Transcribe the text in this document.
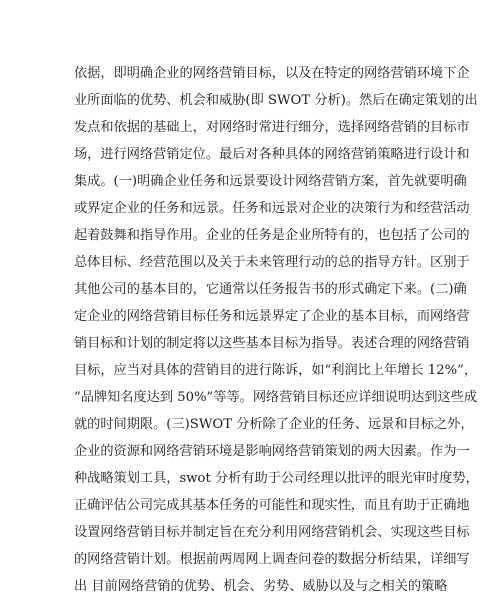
依据，即明确企业的网络营销目标，以及在特定的网络营销环境下企
业所面临的优势、机会和威胁(即 SWOT 分析)。然后在确定策划的出
发点和依据的基础上，对网络时常进行细分，选择网络营销的目标市
场，进行网络营销定位。最后对各种具体的网络营销策略进行设计和
集成。(一)明确企业任务和远景要设计网络营销方案，首先就要明确
或界定企业的任务和远景。任务和远景对企业的决策行为和经营活动
起着鼓舞和指导作用。企业的任务是企业所特有的，也包括了公司的
总体目标、经营范围以及关于未来管理行动的总的指导方针。区别于
其他公司的基本目的，它通常以任务报告书的形式确定下来。(二)确
定企业的网络营销目标任务和远景界定了企业的基本目标，而网络营
销目标和计划的制定将以这些基本目标为指导。表述合理的网络营销
目标，应当对具体的营销目的进行陈诉，如“利润比上年增长 12%”，
“品牌知名度达到 50%”等等。网络营销目标还应详细说明达到这些成
就的时间期限。(三)SWOT 分析除了企业的任务、远景和目标之外，
企业的资源和网络营销环境是影响网络营销策划的两大因素。作为一
种战略策划工具，swot 分析有助于公司经理以批评的眼光审时度势，
正确评估公司完成其基本任务的可能性和现实性，而且有助于正确地
设置网络营销目标并制定旨在充分利用网络营销机会、实现这些目标
的网络营销计划。根据前两周网上调查问卷的数据分析结果，详细写
出 目前网络营销的优势、机会、劣势、威胁以及与之相关的策略
